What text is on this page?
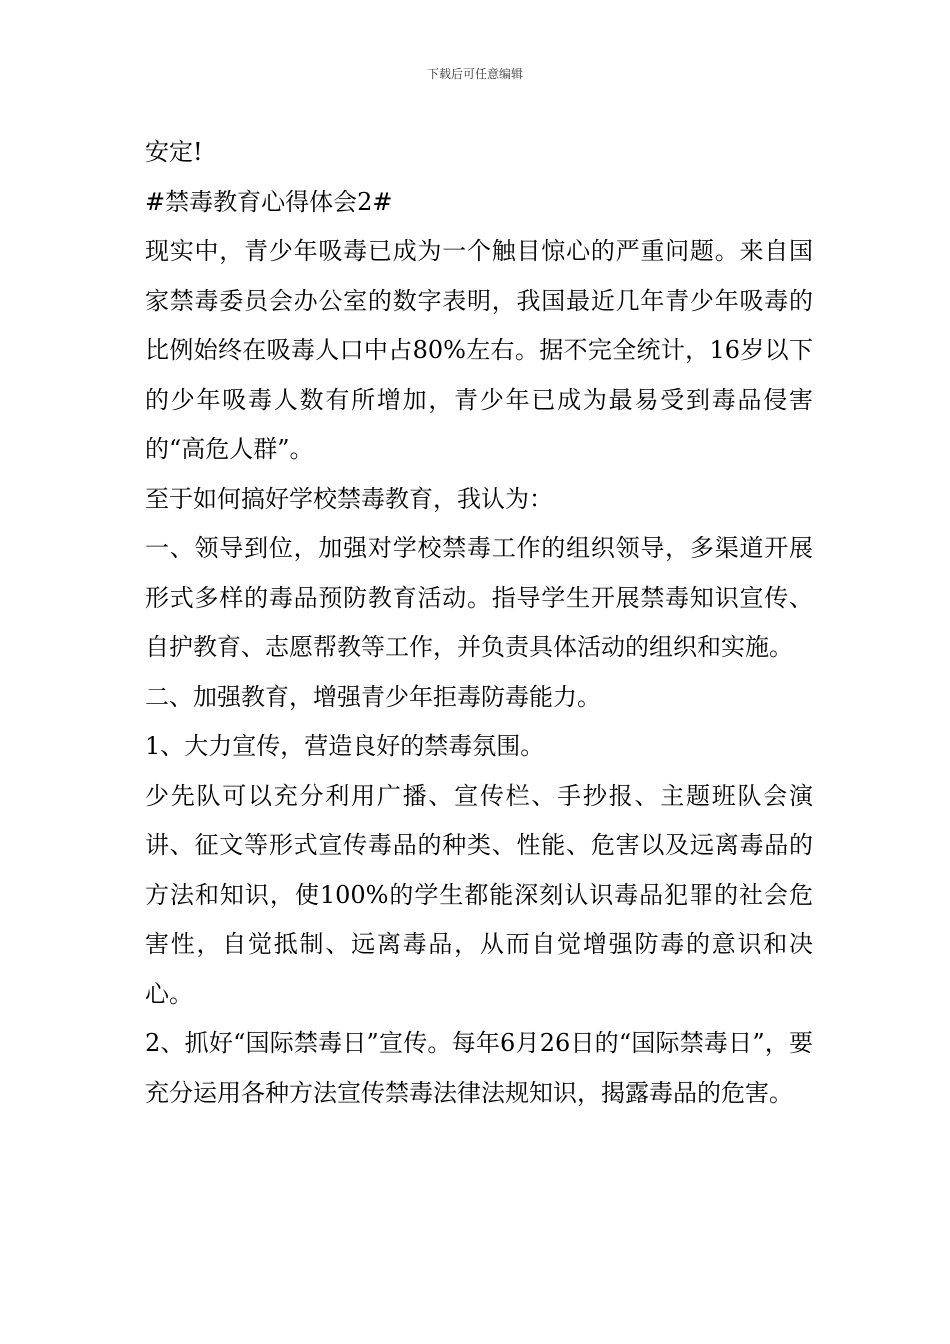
下载后可任意编辑

安定!

#禁毒教育心得体会2#

现实中，青少年吸毒已成为一个触目惊心的严重问题。来自国家禁毒委员会办公室的数字表明，我国最近几年青少年吸毒的比例始终在吸毒人口中占80%左右。据不完全统计，16岁以下的少年吸毒人数有所增加，青少年已成为最易受到毒品侵害的“高危人群”。

至于如何搞好学校禁毒教育，我认为：

一、领导到位，加强对学校禁毒工作的组织领导，多渠道开展形式多样的毒品预防教育活动。指导学生开展禁毒知识宣传、自护教育、志愿帮教等工作，并负责具体活动的组织和实施。

二、加强教育，增强青少年拒毒防毒能力。

1、大力宣传，营造良好的禁毒氛围。

少先队可以充分利用广播、宣传栏、手抄报、主题班队会演讲、征文等形式宣传毒品的种类、性能、危害以及远离毒品的方法和知识，使100%的学生都能深刻认识毒品犯罪的社会危害性，自觉抵制、远离毒品，从而自觉增强防毒的意识和决心。

2、抓好“国际禁毒日”宣传。每年6月26日的“国际禁毒日”，要充分运用各种方法宣传禁毒法律法规知识，揭露毒品的危害。
